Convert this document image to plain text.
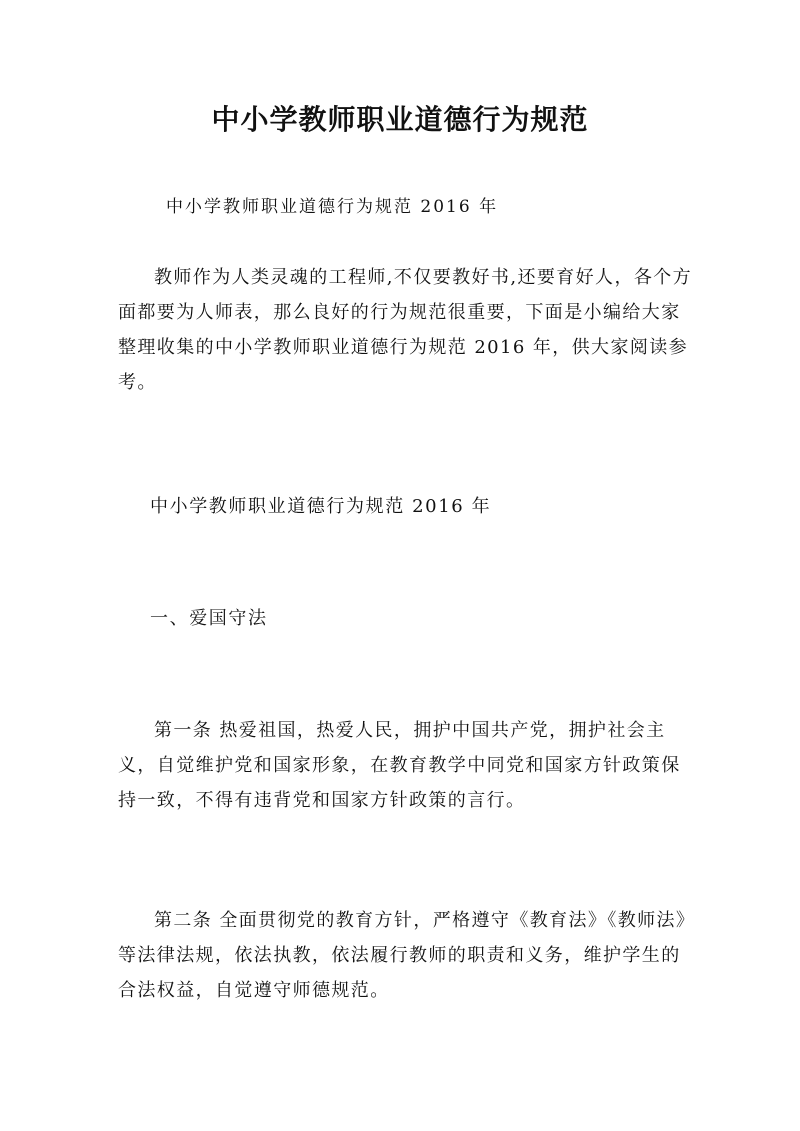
中小学教师职业道德行为规范
中小学教师职业道德行为规范 2016 年
教师作为人类灵魂的工程师,不仅要教好书,还要育好人，各个方面都要为人师表，那么良好的行为规范很重要，下面是小编给大家整理收集的中小学教师职业道德行为规范 2016 年，供大家阅读参考。
中小学教师职业道德行为规范 2016 年
一、爱国守法
第一条 热爱祖国，热爱人民，拥护中国共产党，拥护社会主义，自觉维护党和国家形象，在教育教学中同党和国家方针政策保持一致，不得有违背党和国家方针政策的言行。
第二条 全面贯彻党的教育方针，严格遵守《教育法》《教师法》等法律法规，依法执教，依法履行教师的职责和义务，维护学生的合法权益，自觉遵守师德规范。
